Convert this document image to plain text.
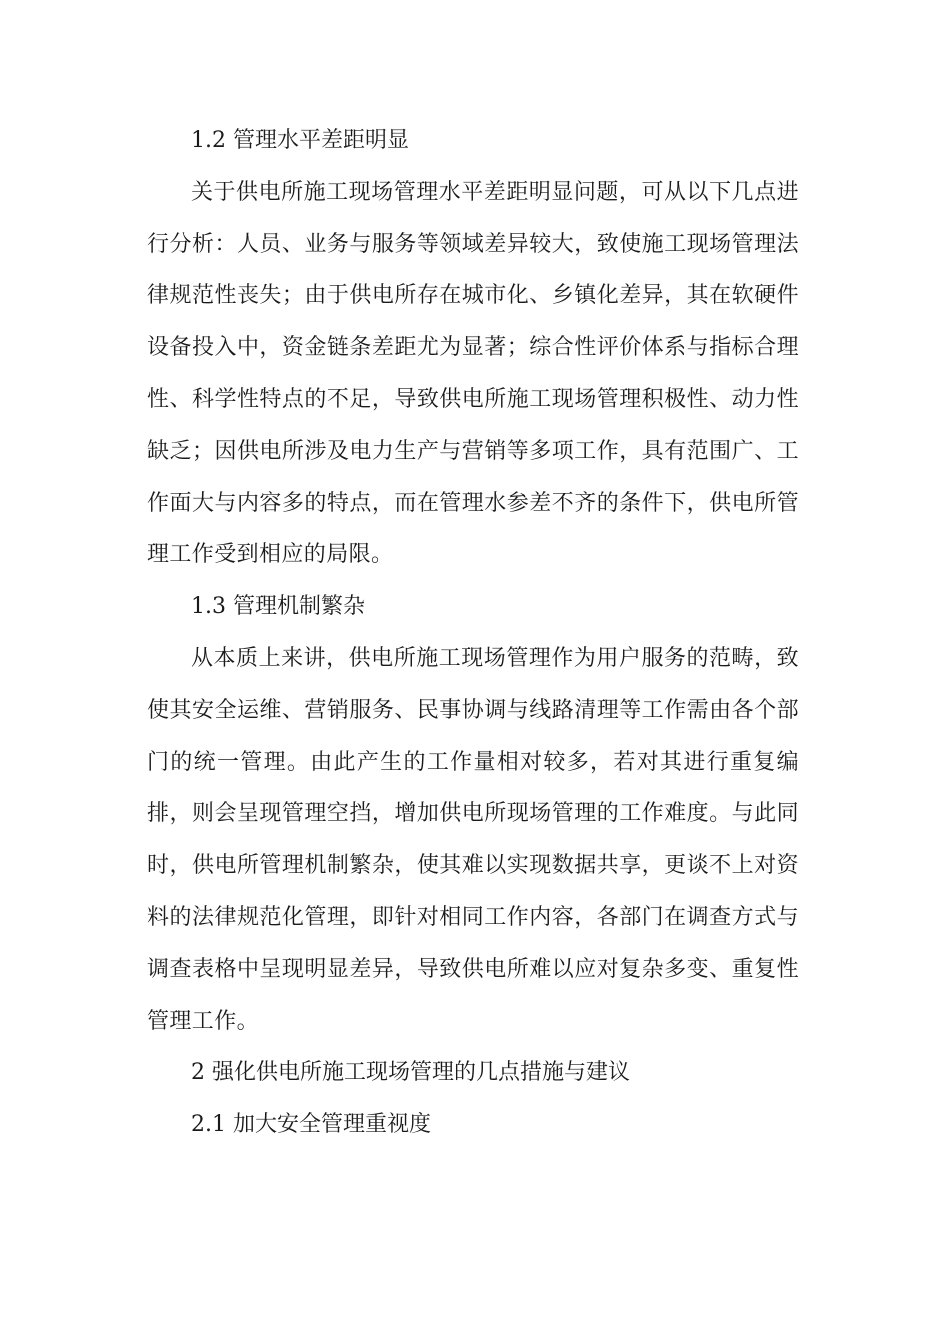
1.2 管理水平差距明显

关于供电所施工现场管理水平差距明显问题，可从以下几点进行分析：人员、业务与服务等领域差异较大，致使施工现场管理法律规范性丧失；由于供电所存在城市化、乡镇化差异，其在软硬件设备投入中，资金链条差距尤为显著；综合性评价体系与指标合理性、科学性特点的不足，导致供电所施工现场管理积极性、动力性缺乏；因供电所涉及电力生产与营销等多项工作，具有范围广、工作面大与内容多的特点，而在管理水参差不齐的条件下，供电所管理工作受到相应的局限。

1.3 管理机制繁杂

从本质上来讲，供电所施工现场管理作为用户服务的范畴，致使其安全运维、营销服务、民事协调与线路清理等工作需由各个部门的统一管理。由此产生的工作量相对较多，若对其进行重复编排，则会呈现管理空挡，增加供电所现场管理的工作难度。与此同时，供电所管理机制繁杂，使其难以实现数据共享，更谈不上对资料的法律规范化管理，即针对相同工作内容，各部门在调查方式与调查表格中呈现明显差异，导致供电所难以应对复杂多变、重复性管理工作。

2 强化供电所施工现场管理的几点措施与建议

2.1 加大安全管理重视度
